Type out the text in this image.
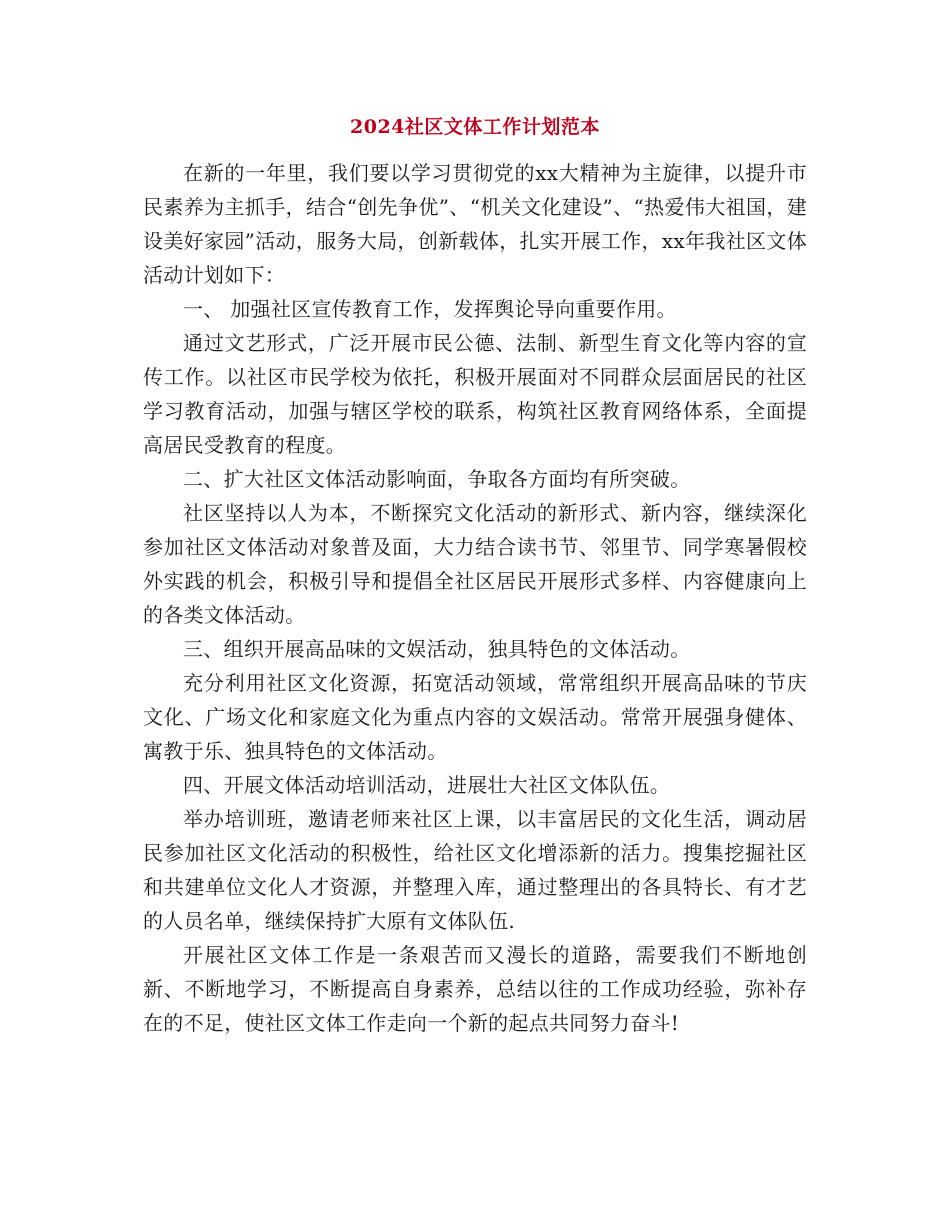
2024社区文体工作计划范本

在新的一年里，我们要以学习贯彻党的xx大精神为主旋律，以提升市民素养为主抓手，结合“创先争优”、“机关文化建设”、“热爱伟大祖国，建设美好家园”活动，服务大局，创新载体，扎实开展工作，xx年我社区文体活动计划如下：

一、 加强社区宣传教育工作，发挥舆论导向重要作用。

通过文艺形式，广泛开展市民公德、法制、新型生育文化等内容的宣传工作。以社区市民学校为依托，积极开展面对不同群众层面居民的社区学习教育活动，加强与辖区学校的联系，构筑社区教育网络体系，全面提高居民受教育的程度。

二、扩大社区文体活动影响面，争取各方面均有所突破。

社区坚持以人为本，不断探究文化活动的新形式、新内容，继续深化参加社区文体活动对象普及面，大力结合读书节、邻里节、同学寒暑假校外实践的机会，积极引导和提倡全社区居民开展形式多样、内容健康向上的各类文体活动。

三、组织开展高品味的文娱活动，独具特色的文体活动。

充分利用社区文化资源，拓宽活动领域，常常组织开展高品味的节庆文化、广场文化和家庭文化为重点内容的文娱活动。常常开展强身健体、寓教于乐、独具特色的文体活动。

四、开展文体活动培训活动，进展壮大社区文体队伍。

举办培训班，邀请老师来社区上课，以丰富居民的文化生活，调动居民参加社区文化活动的积极性，给社区文化增添新的活力。搜集挖掘社区和共建单位文化人才资源，并整理入库，通过整理出的各具特长、有才艺的人员名单，继续保持扩大原有文体队伍.

开展社区文体工作是一条艰苦而又漫长的道路，需要我们不断地创新、不断地学习，不断提高自身素养，总结以往的工作成功经验，弥补存在的不足，使社区文体工作走向一个新的起点共同努力奋斗!
